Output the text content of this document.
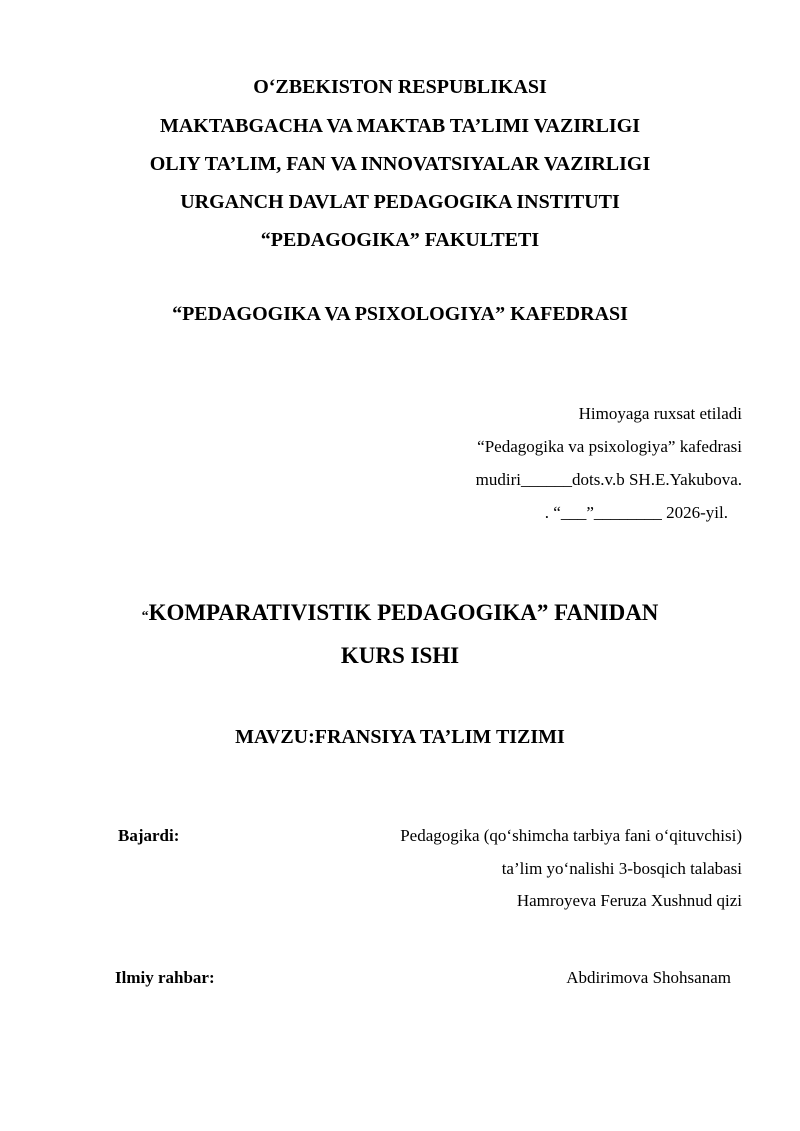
O‘ZBEKISTON RESPUBLIKASI
MAKTABGACHA VA MAKTAB TA’LIMI VAZIRLIGI
OLIY TA’LIM, FAN VA INNOVATSIYALAR VAZIRLIGI
URGANCH DAVLAT PEDAGOGIKA INSTITUTI
“PEDAGOGIKA” FAKULTETI
“PEDAGOGIKA VA PSIXOLOGIYA” KAFEDRASI
Himoyaga ruxsat etiladi
“Pedagogika va psixologiya” kafedrasi
mudiri______dots.v.b SH.E.Yakubova.
. “___”________ 2026-yil.
“KOMPARATIVISTIK PEDAGOGIKA” FANIDAN
KURS ISHI
MAVZU:FRANSIYA TA’LIM TIZIMI
Bajardi:	Pedagogika (qo‘shimcha tarbiya fani o‘qituvchisi)
ta’lim yo‘nalishi 3-bosqich talabasi
Hamroyeva Feruza Xushnud qizi
Ilmiy rahbar:	Abdirimova Shohsanam
